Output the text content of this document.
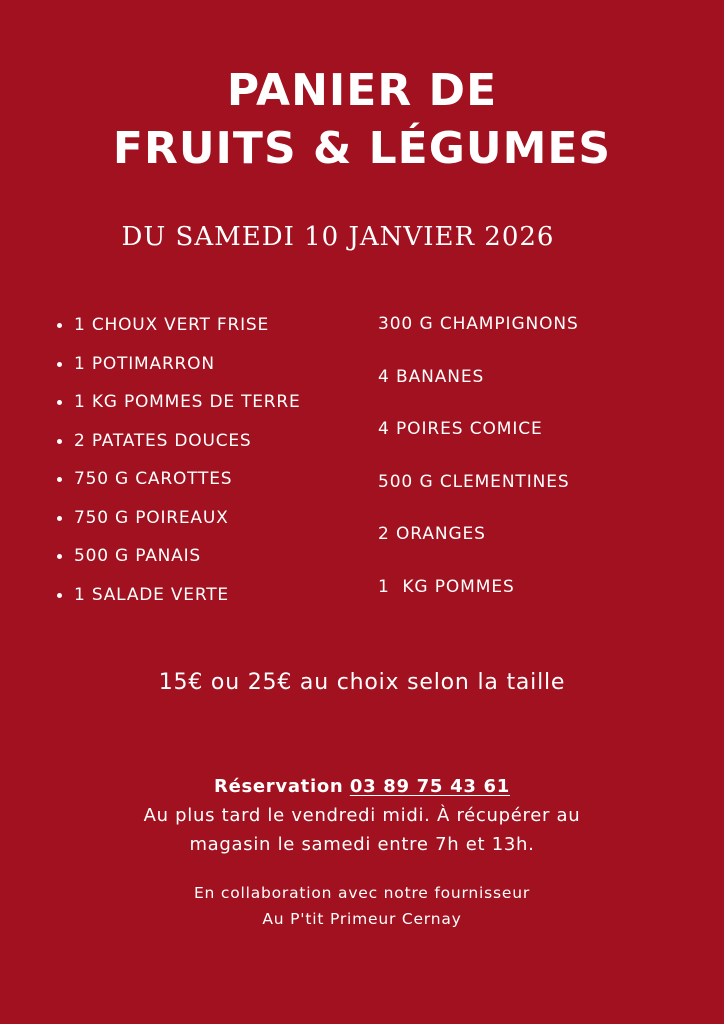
PANIER DE
FRUITS & LÉGUMES
DU SAMEDI 10 JANVIER 2026
1 CHOUX VERT FRISE
1 POTIMARRON
1 KG POMMES DE TERRE
2 PATATES DOUCES
750 G CAROTTES
750 G POIREAUX
500 G PANAIS
1 SALADE VERTE
300 G CHAMPIGNONS
4 BANANES
4 POIRES COMICE
500 G CLEMENTINES
2 ORANGES
1  KG POMMES
15€ ou 25€ au choix selon la taille
Réservation 03 89 75 43 61
Au plus tard le vendredi midi. À récupérer au
magasin le samedi entre 7h et 13h.
En collaboration avec notre fournisseur
Au P'tit Primeur Cernay
